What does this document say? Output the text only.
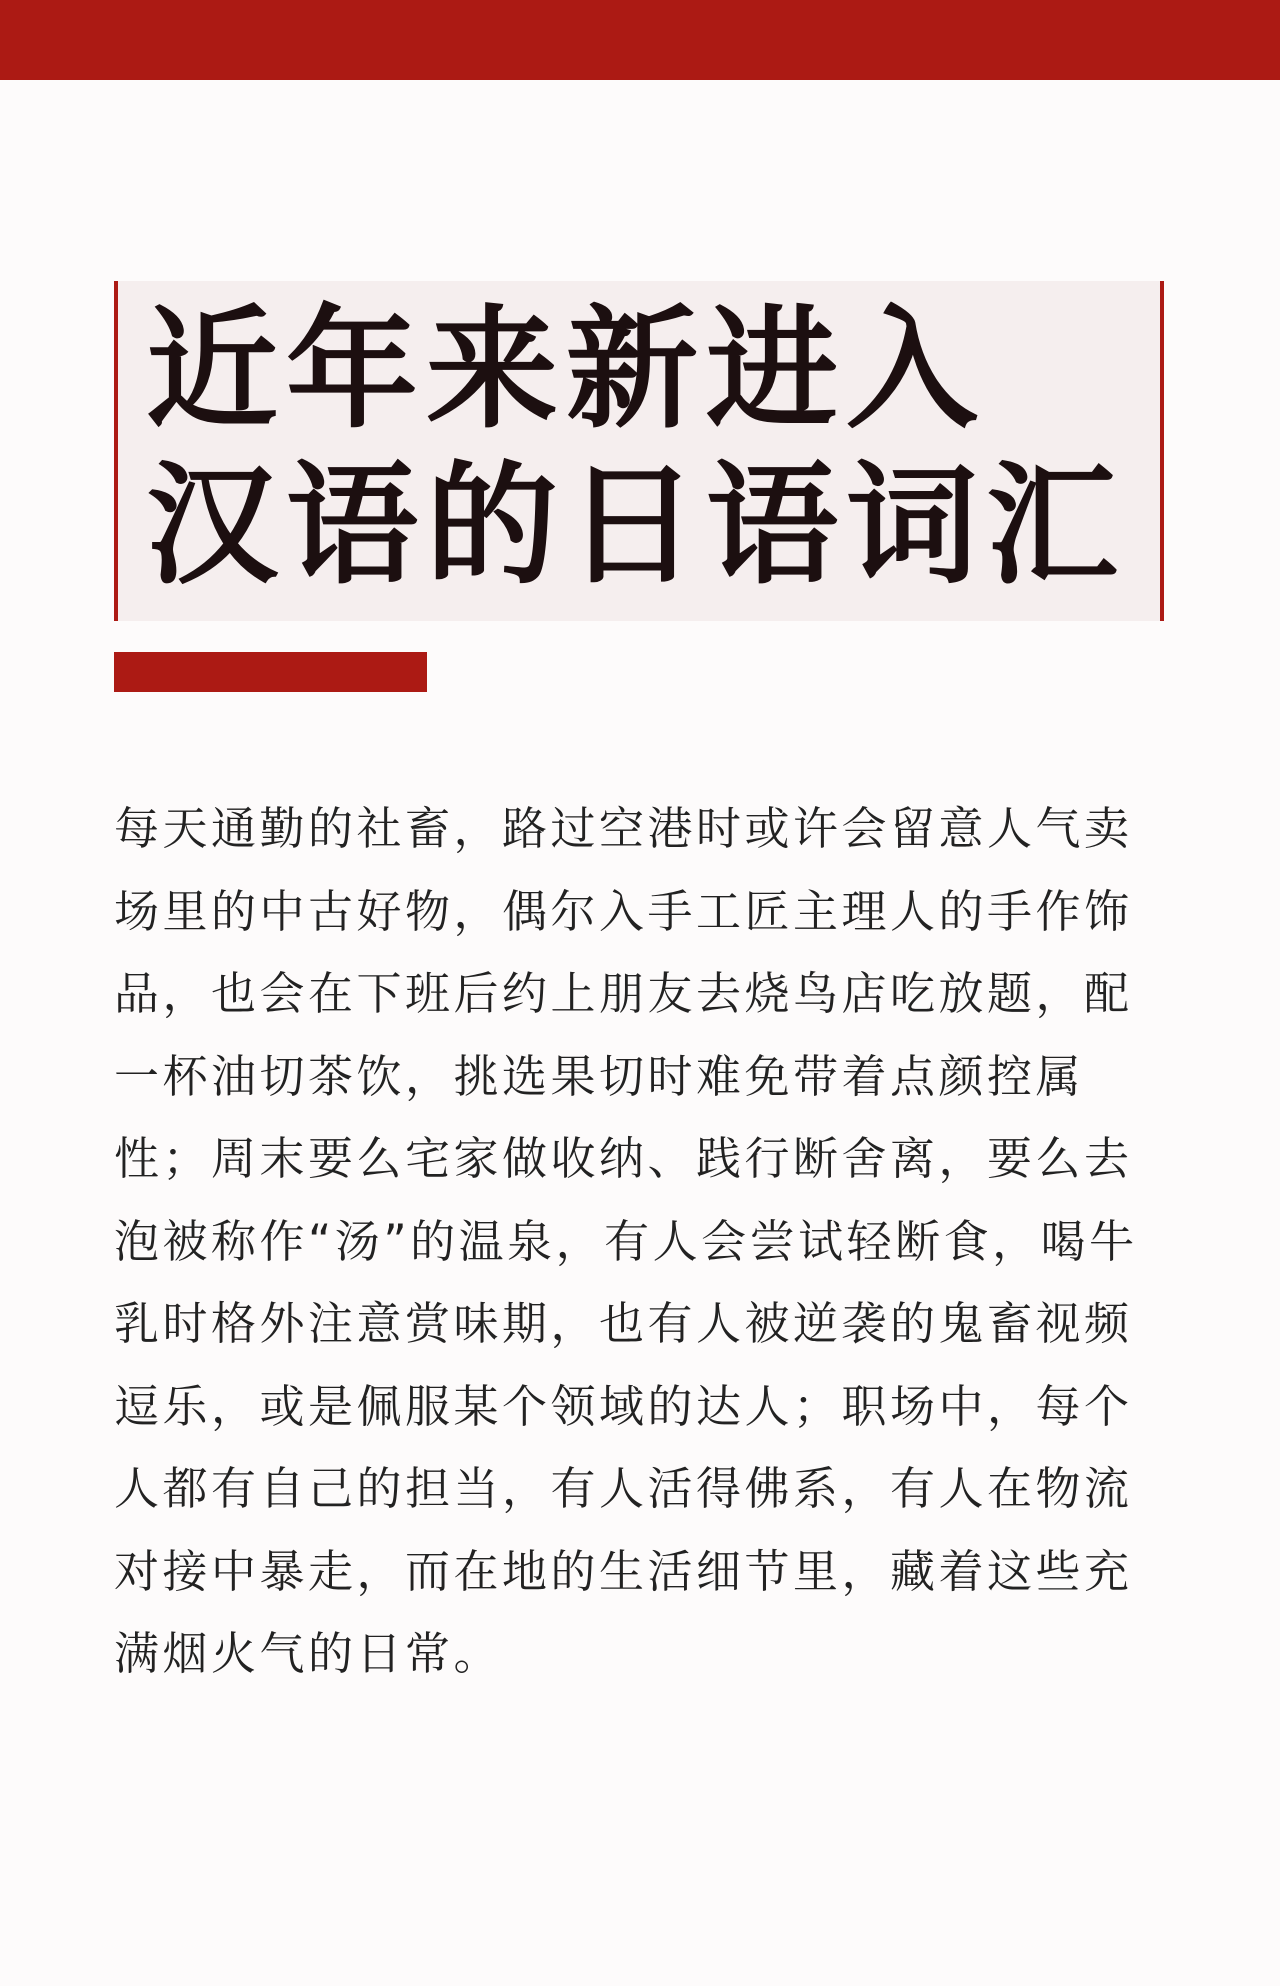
近年来新进入
汉语的日语词汇

每天通勤的社畜，路过空港时或许会留意人气卖
场里的中古好物，偶尔入手工匠主理人的手作饰
品，也会在下班后约上朋友去烧鸟店吃放题，配
一杯油切茶饮，挑选果切时难免带着点颜控属
性；周末要么宅家做收纳、践行断舍离，要么去
泡被称作“汤”的温泉，有人会尝试轻断食，喝牛
乳时格外注意赏味期，也有人被逆袭的鬼畜视频
逗乐，或是佩服某个领域的达人；职场中，每个
人都有自己的担当，有人活得佛系，有人在物流
对接中暴走，而在地的生活细节里，藏着这些充
满烟火气的日常。
